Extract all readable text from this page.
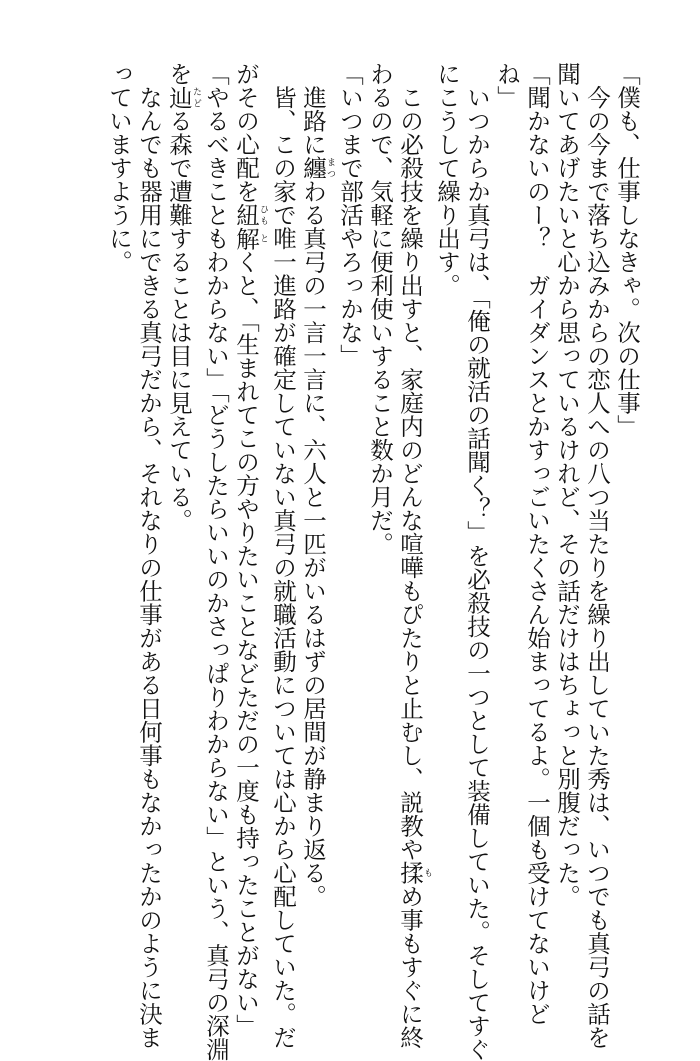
「僕も、仕事しなきゃ。次の仕事」
　今の今まで落ち込みからの恋人への八つ当たりを繰り出していた秀は、いつでも真弓の話を
聞いてあげたいと心から思っているけれど、その話だけはちょっと別腹だった。
「聞かないのー？　ガイダンスとかすっごいたくさん始まってるよ。一個も受けてないけど
ね」
　いつからか真弓は、「俺の就活の話聞く？」を必殺技の一つとして装備していた。そしてすぐ
にこうして繰り出す。
　この必殺技を繰り出すと、家庭内のどんな喧嘩もぴたりと止むし、説教や揉もめ事もすぐに終
わるので、気軽に便利使いすること数か月だ。
「いつまで部活やろっかな」
　進路に纏まつわる真弓の一言一言に、六人と一匹がいるはずの居間が静まり返る。
　皆、この家で唯一進路が確定していない真弓の就職活動については心から心配していた。だ
がその心配を紐ひも解とくと、「生まれてこの方やりたいことなどただの一度も持ったことがない」
「やるべきこともわからない」「どうしたらいいのかさっぱりわからない」という、真弓の深淵
を辿たどる森で遭難することは目に見えている。
　なんでも器用にできる真弓だから、それなりの仕事がある日何事もなかったかのように決ま
っていますように。
